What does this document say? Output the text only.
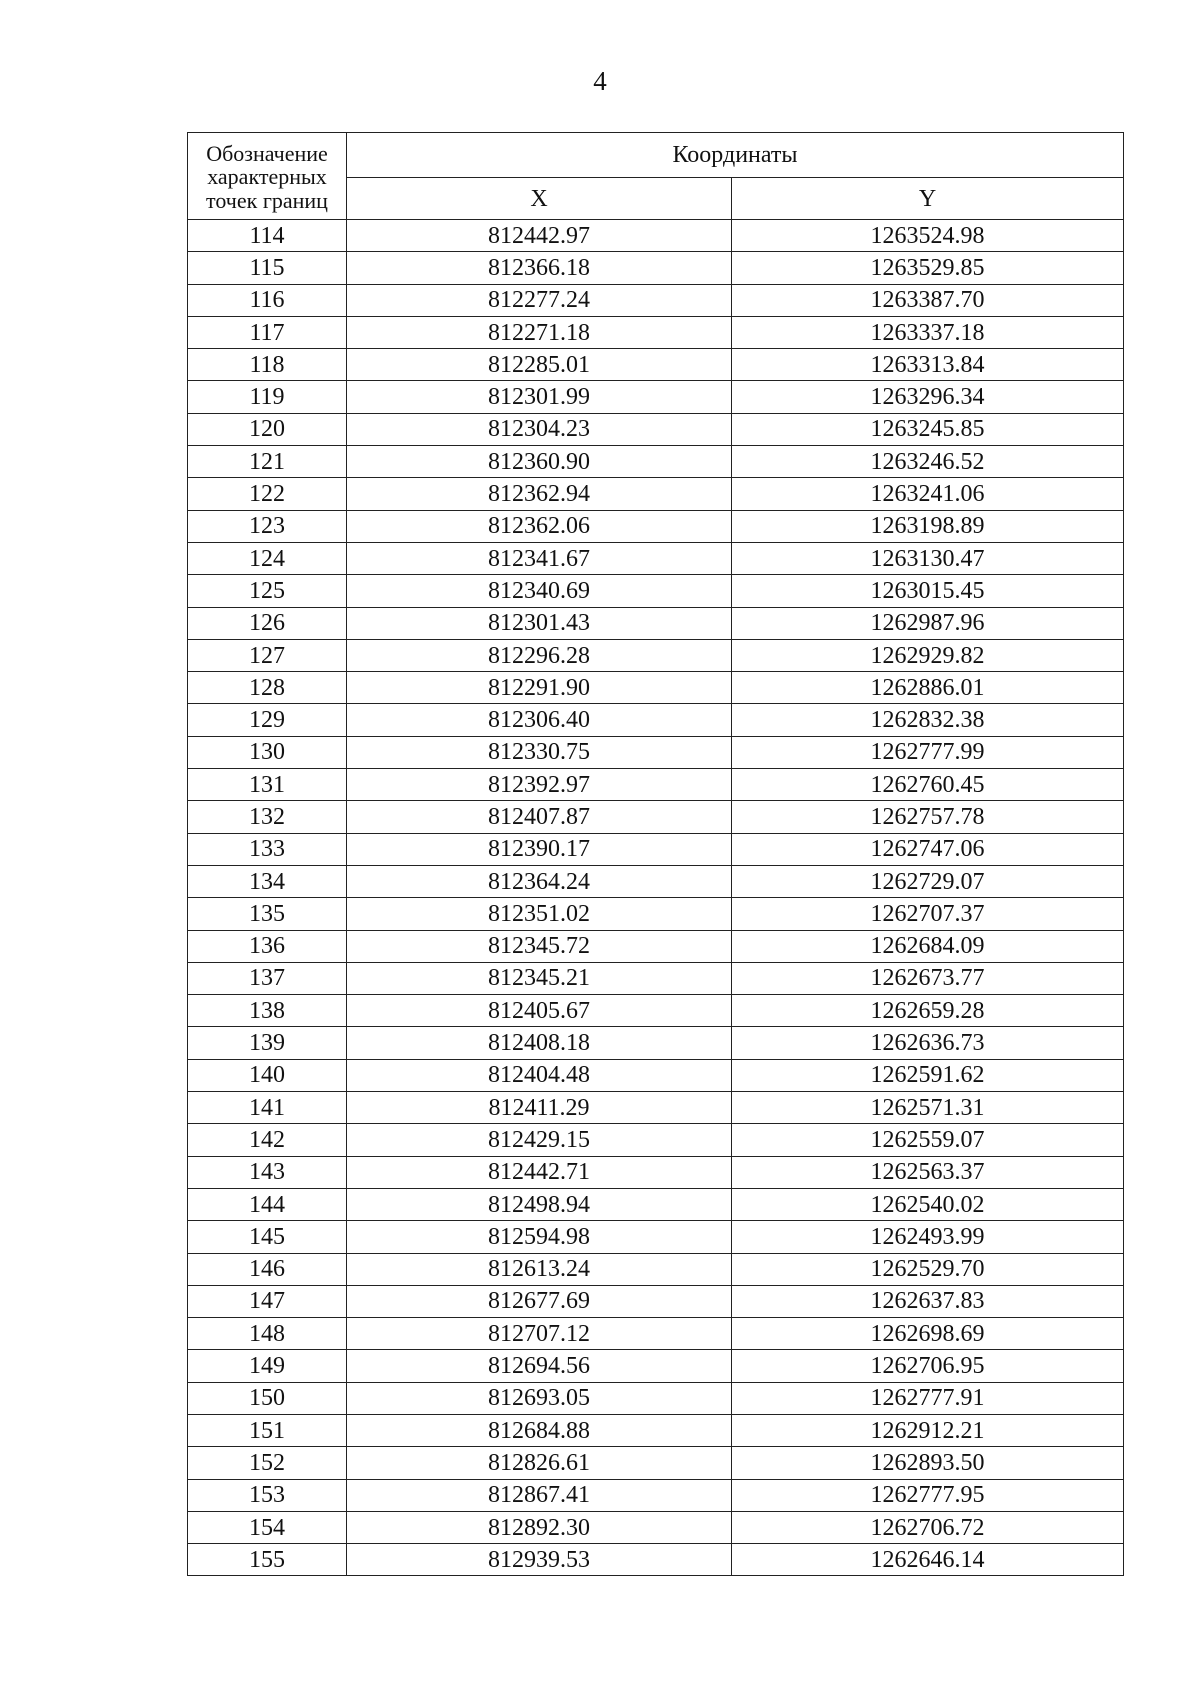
4
Обозначение характерных точек границ	Координаты	
	X	Y
114	812442.97	1263524.98
115	812366.18	1263529.85
116	812277.24	1263387.70
117	812271.18	1263337.18
118	812285.01	1263313.84
119	812301.99	1263296.34
120	812304.23	1263245.85
121	812360.90	1263246.52
122	812362.94	1263241.06
123	812362.06	1263198.89
124	812341.67	1263130.47
125	812340.69	1263015.45
126	812301.43	1262987.96
127	812296.28	1262929.82
128	812291.90	1262886.01
129	812306.40	1262832.38
130	812330.75	1262777.99
131	812392.97	1262760.45
132	812407.87	1262757.78
133	812390.17	1262747.06
134	812364.24	1262729.07
135	812351.02	1262707.37
136	812345.72	1262684.09
137	812345.21	1262673.77
138	812405.67	1262659.28
139	812408.18	1262636.73
140	812404.48	1262591.62
141	812411.29	1262571.31
142	812429.15	1262559.07
143	812442.71	1262563.37
144	812498.94	1262540.02
145	812594.98	1262493.99
146	812613.24	1262529.70
147	812677.69	1262637.83
148	812707.12	1262698.69
149	812694.56	1262706.95
150	812693.05	1262777.91
151	812684.88	1262912.21
152	812826.61	1262893.50
153	812867.41	1262777.95
154	812892.30	1262706.72
155	812939.53	1262646.14
